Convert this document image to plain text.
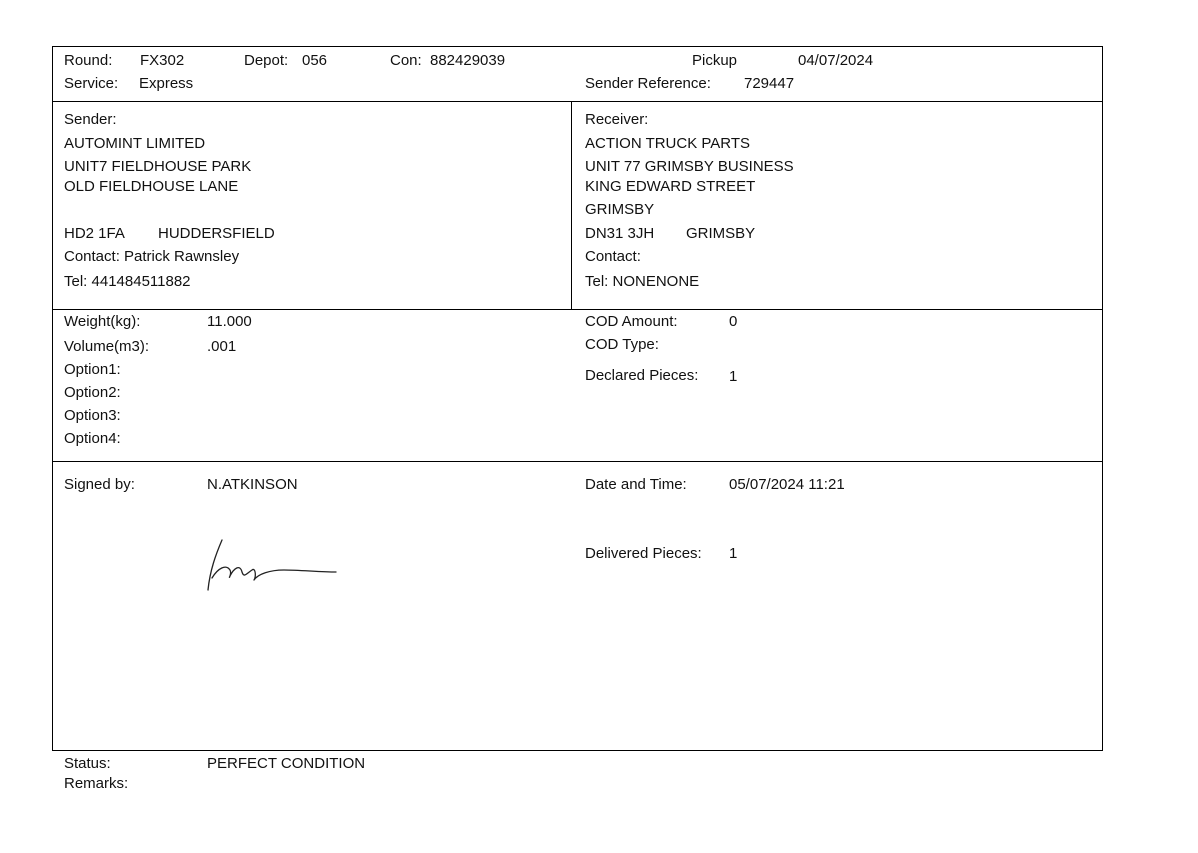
Round: FX302	Depot: 056	Con: 882429039	Pickup	04/07/2024
Service: Express	Sender Reference: 729447
Sender:
AUTOMINT LIMITED
UNIT7 FIELDHOUSE PARK
OLD FIELDHOUSE LANE
HD2 1FA HUDDERSFIELD
Contact: Patrick Rawnsley
Tel: 441484511882
Receiver:
ACTION TRUCK PARTS
UNIT 77 GRIMSBY BUSINESS
KING EDWARD STREET
GRIMSBY
DN31 3JH GRIMSBY
Contact:
Tel: NONENONE
Weight(kg):	11.000
Volume(m3):	.001
Option1:
Option2:
Option3:
Option4:
COD Amount:	0
COD Type:
Declared Pieces: 1
Signed by:	N.ATKINSON	Date and Time:	05/07/2024 11:21
Delivered Pieces: 1
Status:	PERFECT CONDITION
Remarks:
